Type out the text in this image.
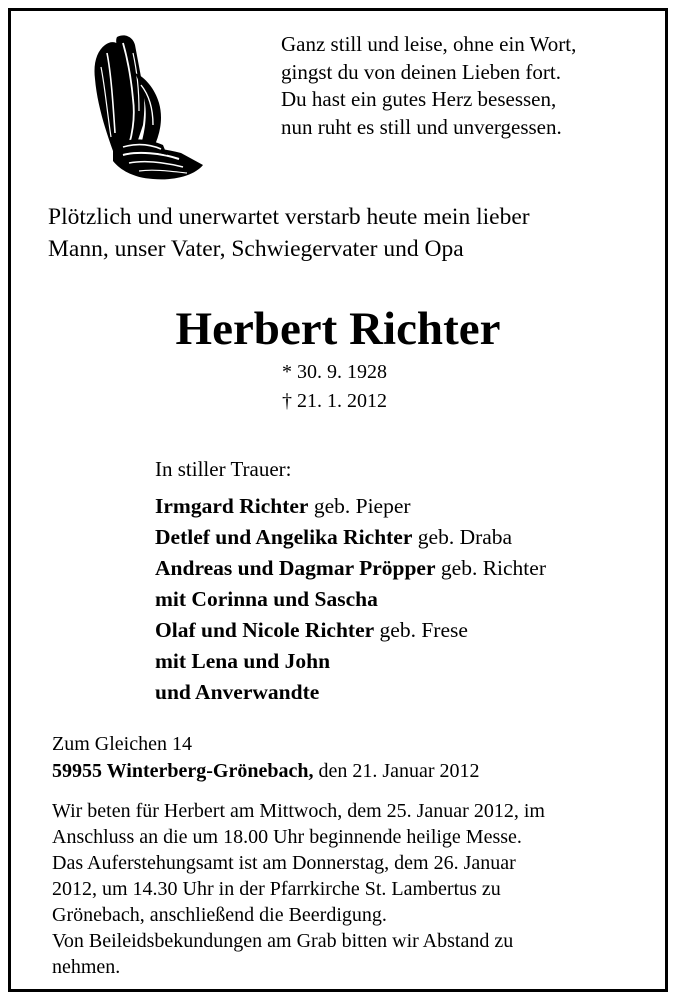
Ganz still und leise, ohne ein Wort,
gingst du von deinen Lieben fort.
Du hast ein gutes Herz besessen,
nun ruht es still und unvergessen.
Plötzlich und unerwartet verstarb heute mein lieber
Mann, unser Vater, Schwiegervater und Opa
Herbert Richter
* 30. 9. 1928
† 21. 1. 2012
In stiller Trauer:
Irmgard Richter geb. Pieper
Detlef und Angelika Richter geb. Draba
Andreas und Dagmar Pröpper geb. Richter
mit Corinna und Sascha
Olaf und Nicole Richter geb. Frese
mit Lena und John
und Anverwandte
Zum Gleichen 14
59955 Winterberg-Grönebach, den 21. Januar 2012
Wir beten für Herbert am Mittwoch, dem 25. Januar 2012, im
Anschluss an die um 18.00 Uhr beginnende heilige Messe.
Das Auferstehungsamt ist am Donnerstag, dem 26. Januar
2012, um 14.30 Uhr in der Pfarrkirche St. Lambertus zu
Grönebach, anschließend die Beerdigung.
Von Beileidsbekundungen am Grab bitten wir Abstand zu
nehmen.
